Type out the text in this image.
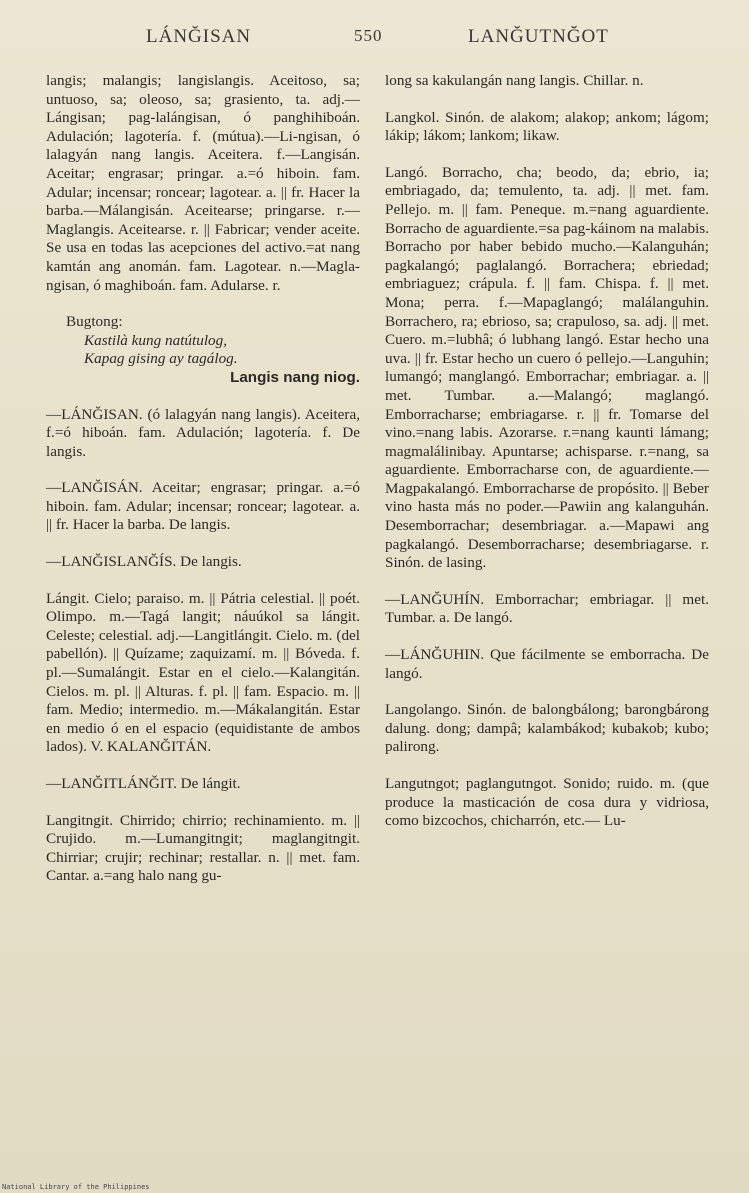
LÁNĞISAN	550	LANĞUTNĞOT

langis; malangis; langislangis. Aceitoso, sa; untuoso, sa; oleoso, sa; grasiento, ta. adj.—Lángisan; pag-lalángisan, ó panghihiboán. Adulación; lagotería. f. (mútua).—Li-ngisan, ó lalagyán nang langis. Aceitera. f.—Langisán. Aceitar; engrasar; pringar. a.=ó hiboin. fam. Adular; incensar; roncear; lagotear. a. || fr. Hacer la barba.—Málangisán. Aceitearse; pringarse. r.—Maglangis. Aceitearse. r. || Fabricar; vender aceite. Se usa en todas las acepciones del activo.=at nang kamtán ang anomán. fam. Lagotear. n.—Magla-ngisan, ó maghiboán. fam. Adularse. r.

Bugtong:

Kastilà kung natútulog,

Kapag gising ay tagálog.

Langis nang niog.

—LÁNĞISAN. (ó lalagyán nang langis). Aceitera, f.=ó hiboán. fam. Adulación; lagotería. f. De langis.

—LANĞISÁN. Aceitar; engrasar; pringar. a.=ó hiboin. fam. Adular; incensar; roncear; lagotear. a. || fr. Hacer la barba. De langis.

—LANĞISLANĞÍS. De langis.

Lángit. Cielo; paraiso. m. || Pátria celestial. || poét. Olimpo. m.—Tagá langit; náuúkol sa lángit. Celeste; celestial. adj.—Langitlángit. Cielo. m. (del pabellón). || Quízame; zaquizamí. m. || Bóveda. f. pl.—Sumalángit. Estar en el cielo.—Kalangitán. Cielos. m. pl. || Alturas. f. pl. || fam. Espacio. m. || fam. Medio; intermedio. m.—Mákalangitán. Estar en medio ó en el espacio (equidistante de ambos lados). V. KALANĞITÁN.

—LANĞITLÁNĞIT. De lángit.

Langitngit. Chirrido; chirrio; rechinamiento. m. || Crujido. m.—Lumangitngit; maglangitngit. Chirriar; crujir; rechinar; restallar. n. || met. fam. Cantar. a.=ang halo nang gu-

long sa kakulangán nang langis. Chillar. n.

Langkol. Sinón. de alakom; alakop; ankom; lágom; lákip; lákom; lankom; likaw.

Langó. Borracho, cha; beodo, da; ebrio, ia; embriagado, da; temulento, ta. adj. || met. fam. Pellejo. m. || fam. Peneque. m.=nang aguardiente. Borracho de aguardiente.=sa pag-káinom na malabis. Borracho por haber bebido mucho.—Kalanguhán; pagkalangó; paglalangó. Borrachera; ebriedad; embriaguez; crápula. f. || fam. Chispa. f. || met. Mona; perra. f.—Mapaglangó; malálanguhin. Borrachero, ra; ebrioso, sa; crapuloso, sa. adj. || met. Cuero. m.=lubhâ; ó lubhang langó. Estar hecho una uva. || fr. Estar hecho un cuero ó pellejo.—Languhin; lumangó; manglangó. Emborrachar; embriagar. a. || met. Tumbar. a.—Malangó; maglangó. Emborracharse; embriagarse. r. || fr. Tomarse del vino.=nang labis. Azorarse. r.=nang kaunti lámang; magmalálinibay. Apuntarse; achisparse. r.=nang, sa aguardiente. Emborracharse con, de aguardiente.—Magpakalangó. Emborracharse de propósito. || Beber vino hasta más no poder.—Pawiin ang kalanguhán. Desemborrachar; desembriagar. a.—Mapawi ang pagkalangó. Desemborracharse; desembriagarse. r. Sinón. de lasing.

—LANĞUHÍN. Emborrachar; embriagar. || met. Tumbar. a. De langó.

—LÁNĞUHIN. Que fácilmente se emborracha. De langó.

Langolango. Sinón. de balongbálong; barongbárong dalung. dong; dampâ; kalambákod; kubakob; kubo; palirong.

Langutngot; paglangutngot. Sonido; ruido. m. (que produce la masticación de cosa dura y vidriosa, como bizcochos, chicharrón, etc.— Lu-

National Library of the Philippines
